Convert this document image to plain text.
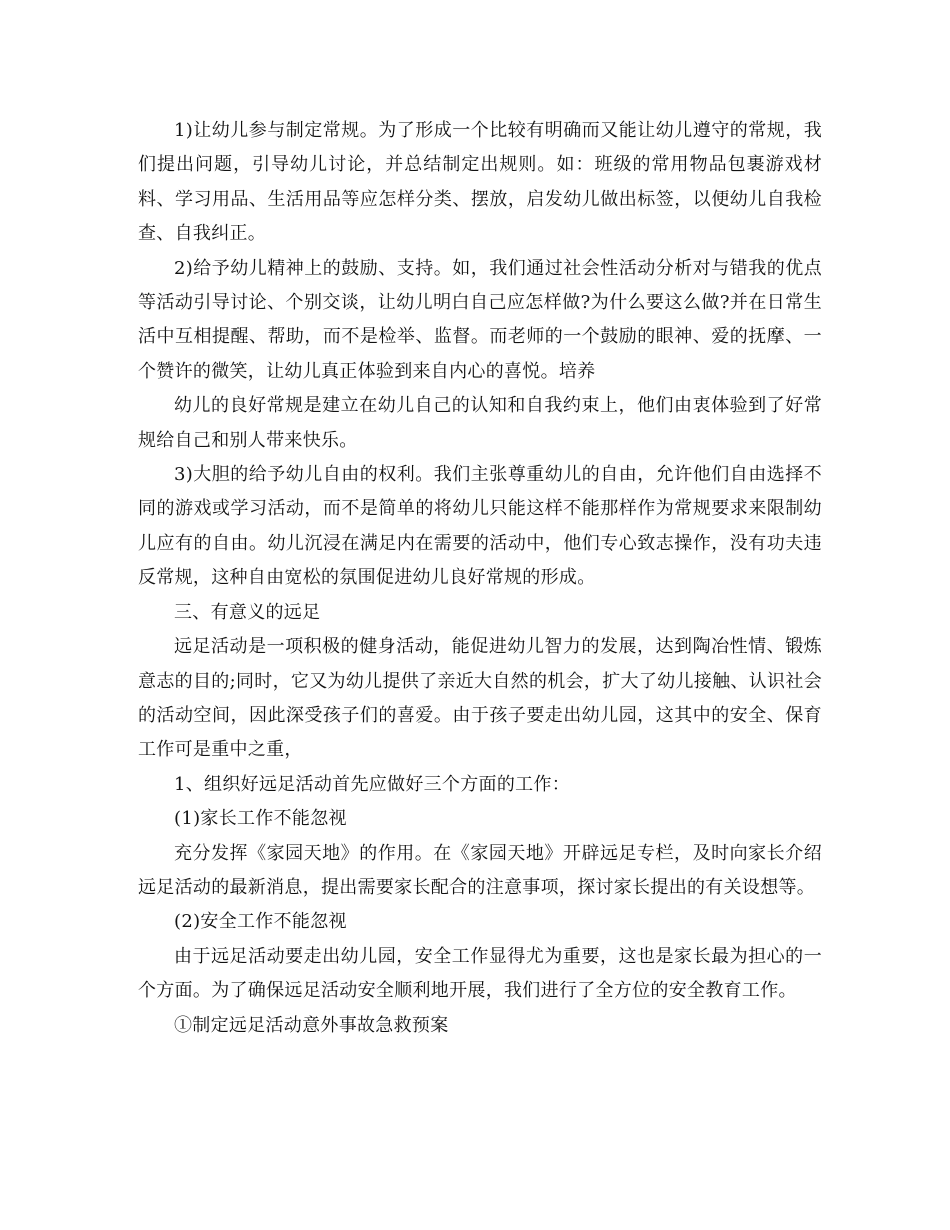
1)让幼儿参与制定常规。为了形成一个比较有明确而又能让幼儿遵守的常规，我们提出问题，引导幼儿讨论，并总结制定出规则。如：班级的常用物品包裹游戏材料、学习用品、生活用品等应怎样分类、摆放，启发幼儿做出标签，以便幼儿自我检查、自我纠正。

2)给予幼儿精神上的鼓励、支持。如，我们通过社会性活动分析对与错我的优点等活动引导讨论、个别交谈，让幼儿明白自己应怎样做?为什么要这么做?并在日常生活中互相提醒、帮助，而不是检举、监督。而老师的一个鼓励的眼神、爱的抚摩、一个赞许的微笑，让幼儿真正体验到来自内心的喜悦。培养

幼儿的良好常规是建立在幼儿自己的认知和自我约束上，他们由衷体验到了好常规给自己和别人带来快乐。

3)大胆的给予幼儿自由的权利。我们主张尊重幼儿的自由，允许他们自由选择不同的游戏或学习活动，而不是简单的将幼儿只能这样不能那样作为常规要求来限制幼儿应有的自由。幼儿沉浸在满足内在需要的活动中，他们专心致志操作，没有功夫违反常规，这种自由宽松的氛围促进幼儿良好常规的形成。

三、有意义的远足

远足活动是一项积极的健身活动，能促进幼儿智力的发展，达到陶冶性情、锻炼意志的目的;同时，它又为幼儿提供了亲近大自然的机会，扩大了幼儿接触、认识社会的活动空间，因此深受孩子们的喜爱。由于孩子要走出幼儿园，这其中的安全、保育工作可是重中之重，

1、组织好远足活动首先应做好三个方面的工作：

(1)家长工作不能忽视

充分发挥《家园天地》的作用。在《家园天地》开辟远足专栏，及时向家长介绍远足活动的最新消息，提出需要家长配合的注意事项，探讨家长提出的有关设想等。

(2)安全工作不能忽视

由于远足活动要走出幼儿园，安全工作显得尤为重要，这也是家长最为担心的一个方面。为了确保远足活动安全顺利地开展，我们进行了全方位的安全教育工作。

①制定远足活动意外事故急救预案
